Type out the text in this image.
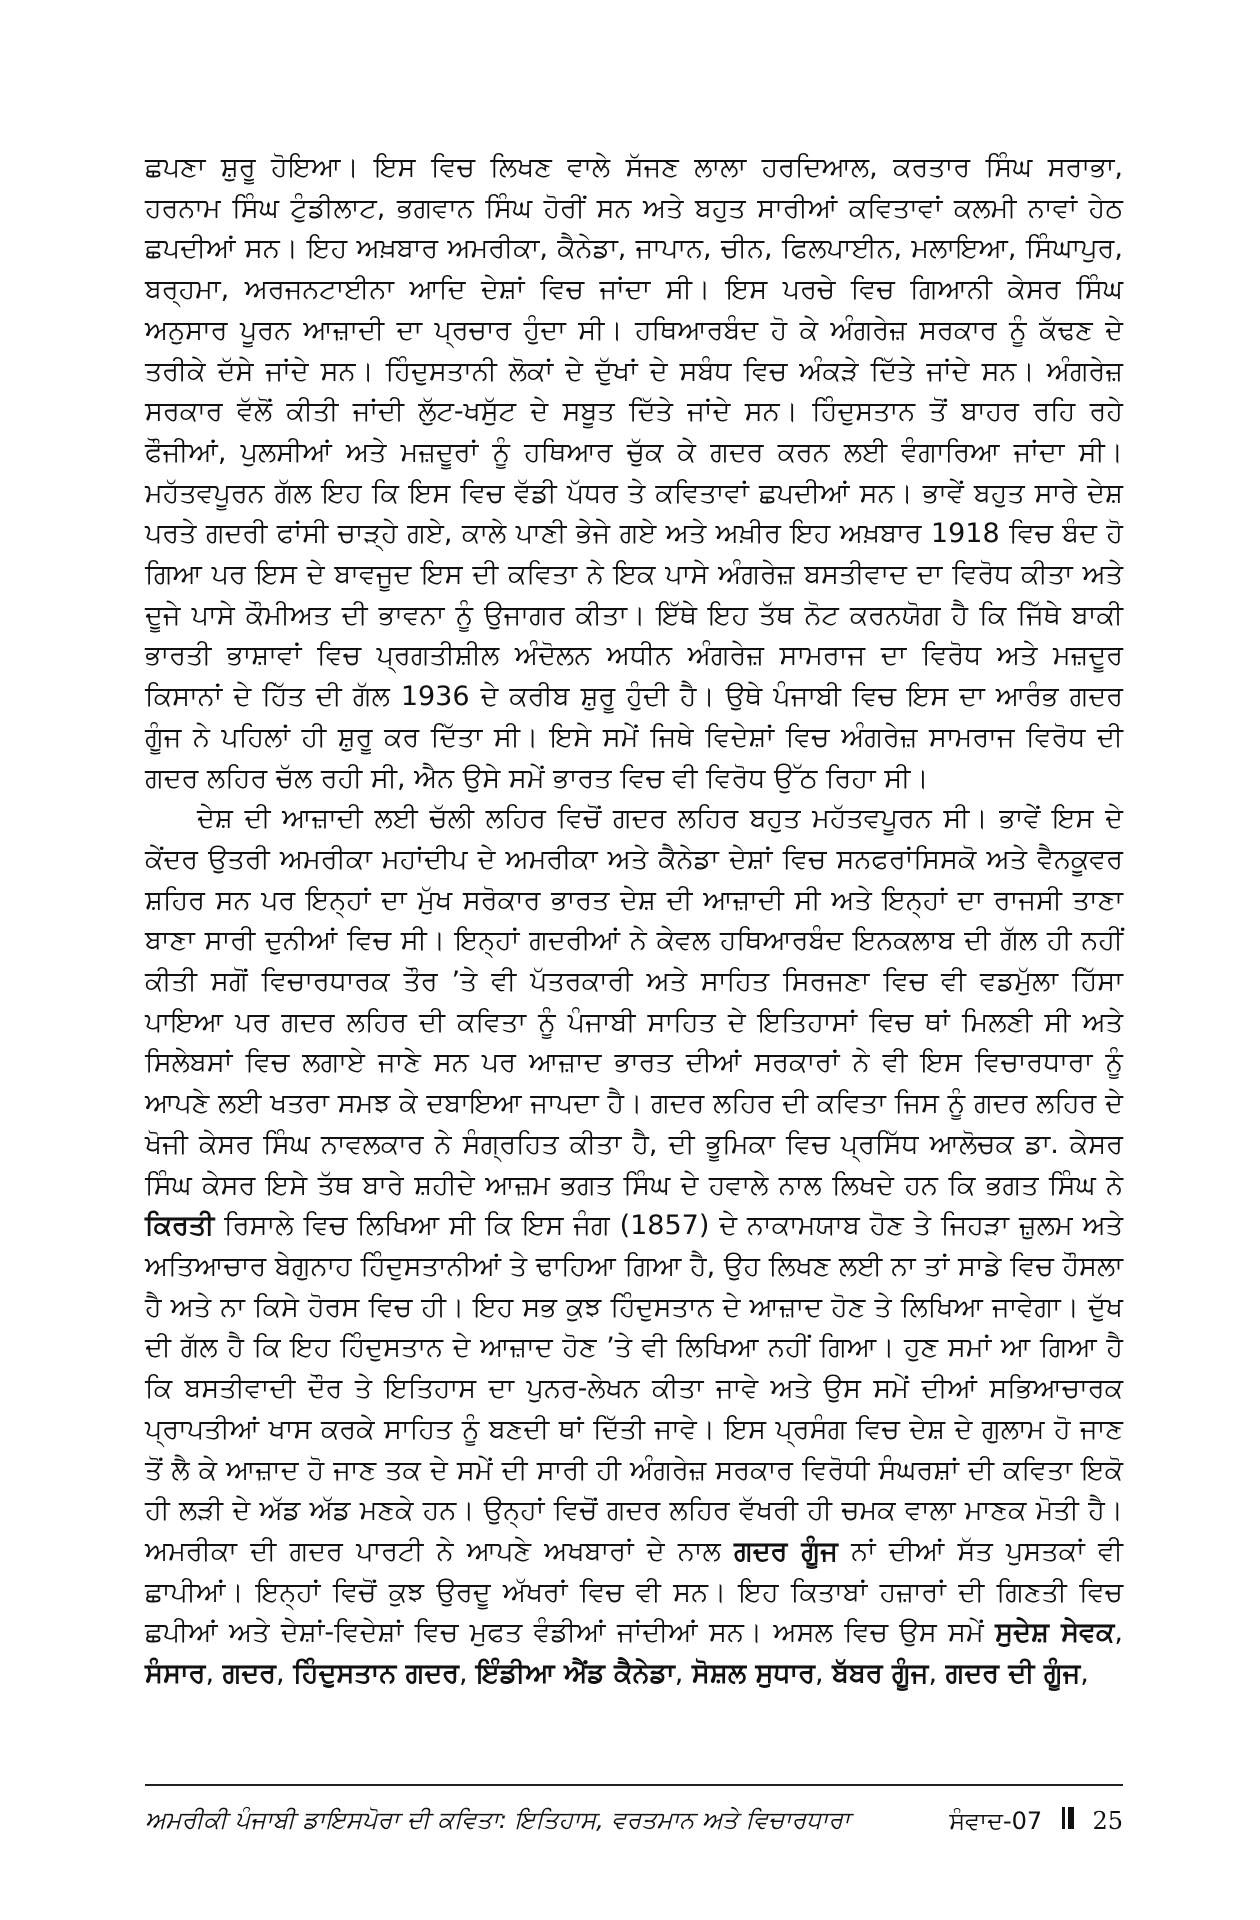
ਛਪਣਾ ਸ਼ੁਰੂ ਹੋਇਆ। ਇਸ ਵਿਚ ਲਿਖਣ ਵਾਲੇ ਸੱਜਣ ਲਾਲਾ ਹਰਦਿਆਲ, ਕਰਤਾਰ ਸਿੰਘ ਸਰਾਭਾ, ਹਰਨਾਮ ਸਿੰਘ ਟੁੰਡੀਲਾਟ, ਭਗਵਾਨ ਸਿੰਘ ਹੋਰੀਂ ਸਨ ਅਤੇ ਬਹੁਤ ਸਾਰੀਆਂ ਕਵਿਤਾਵਾਂ ਕਲਮੀ ਨਾਵਾਂ ਹੇਠ ਛਪਦੀਆਂ ਸਨ। ਇਹ ਅਖ਼ਬਾਰ ਅਮਰੀਕਾ, ਕੈਨੇਡਾ, ਜਾਪਾਨ, ਚੀਨ, ਫਿਲਪਾਈਨ, ਮਲਾਇਆ, ਸਿੰਘਾਪੁਰ, ਬਰ੍ਹਮਾ, ਅਰਜਨਟਾਈਨਾ ਆਦਿ ਦੇਸ਼ਾਂ ਵਿਚ ਜਾਂਦਾ ਸੀ। ਇਸ ਪਰਚੇ ਵਿਚ ਗਿਆਨੀ ਕੇਸਰ ਸਿੰਘ ਅਨੁਸਾਰ ਪੂਰਨ ਆਜ਼ਾਦੀ ਦਾ ਪ੍ਰਚਾਰ ਹੁੰਦਾ ਸੀ। ਹਥਿਆਰਬੰਦ ਹੋ ਕੇ ਅੰਗਰੇਜ਼ ਸਰਕਾਰ ਨੂੰ ਕੱਢਣ ਦੇ ਤਰੀਕੇ ਦੱਸੇ ਜਾਂਦੇ ਸਨ। ਹਿੰਦੁਸਤਾਨੀ ਲੋਕਾਂ ਦੇ ਦੁੱਖਾਂ ਦੇ ਸਬੰਧ ਵਿਚ ਅੰਕੜੇ ਦਿੱਤੇ ਜਾਂਦੇ ਸਨ। ਅੰਗਰੇਜ਼ ਸਰਕਾਰ ਵੱਲੋਂ ਕੀਤੀ ਜਾਂਦੀ ਲੁੱਟ-ਖਸੁੱਟ ਦੇ ਸਬੂਤ ਦਿੱਤੇ ਜਾਂਦੇ ਸਨ। ਹਿੰਦੁਸਤਾਨ ਤੋਂ ਬਾਹਰ ਰਹਿ ਰਹੇ ਫੌਜੀਆਂ, ਪੁਲਸੀਆਂ ਅਤੇ ਮਜ਼ਦੂਰਾਂ ਨੂੰ ਹਥਿਆਰ ਚੁੱਕ ਕੇ ਗਦਰ ਕਰਨ ਲਈ ਵੰਗਾਰਿਆ ਜਾਂਦਾ ਸੀ। ਮਹੱਤਵਪੂਰਨ ਗੱਲ ਇਹ ਕਿ ਇਸ ਵਿਚ ਵੱਡੀ ਪੱਧਰ ਤੇ ਕਵਿਤਾਵਾਂ ਛਪਦੀਆਂ ਸਨ। ਭਾਵੇਂ ਬਹੁਤ ਸਾਰੇ ਦੇਸ਼ ਪਰਤੇ ਗਦਰੀ ਫਾਂਸੀ ਚਾੜ੍ਹੇ ਗਏ, ਕਾਲੇ ਪਾਣੀ ਭੇਜੇ ਗਏ ਅਤੇ ਅਖ਼ੀਰ ਇਹ ਅਖ਼ਬਾਰ 1918 ਵਿਚ ਬੰਦ ਹੋ ਗਿਆ ਪਰ ਇਸ ਦੇ ਬਾਵਜੂਦ ਇਸ ਦੀ ਕਵਿਤਾ ਨੇ ਇਕ ਪਾਸੇ ਅੰਗਰੇਜ਼ ਬਸਤੀਵਾਦ ਦਾ ਵਿਰੋਧ ਕੀਤਾ ਅਤੇ ਦੂਜੇ ਪਾਸੇ ਕੌਮੀਅਤ ਦੀ ਭਾਵਨਾ ਨੂੰ ਉਜਾਗਰ ਕੀਤਾ। ਇੱਥੇ ਇਹ ਤੱਥ ਨੋਟ ਕਰਨਯੋਗ ਹੈ ਕਿ ਜਿੱਥੇ ਬਾਕੀ ਭਾਰਤੀ ਭਾਸ਼ਾਵਾਂ ਵਿਚ ਪ੍ਰਗਤੀਸ਼ੀਲ ਅੰਦੋਲਨ ਅਧੀਨ ਅੰਗਰੇਜ਼ ਸਾਮਰਾਜ ਦਾ ਵਿਰੋਧ ਅਤੇ ਮਜ਼ਦੂਰ ਕਿਸਾਨਾਂ ਦੇ ਹਿੱਤ ਦੀ ਗੱਲ 1936 ਦੇ ਕਰੀਬ ਸ਼ੁਰੂ ਹੁੰਦੀ ਹੈ। ਉਥੇ ਪੰਜਾਬੀ ਵਿਚ ਇਸ ਦਾ ਆਰੰਭ ਗਦਰ ਗੂੰਜ ਨੇ ਪਹਿਲਾਂ ਹੀ ਸ਼ੁਰੂ ਕਰ ਦਿੱਤਾ ਸੀ। ਇਸੇ ਸਮੇਂ ਜਿਥੇ ਵਿਦੇਸ਼ਾਂ ਵਿਚ ਅੰਗਰੇਜ਼ ਸਾਮਰਾਜ ਵਿਰੋਧ ਦੀ ਗਦਰ ਲਹਿਰ ਚੱਲ ਰਹੀ ਸੀ, ਐਨ ਉਸੇ ਸਮੇਂ ਭਾਰਤ ਵਿਚ ਵੀ ਵਿਰੋਧ ਉੱਠ ਰਿਹਾ ਸੀ।

ਦੇਸ਼ ਦੀ ਆਜ਼ਾਦੀ ਲਈ ਚੱਲੀ ਲਹਿਰ ਵਿਚੋਂ ਗਦਰ ਲਹਿਰ ਬਹੁਤ ਮਹੱਤਵਪੂਰਨ ਸੀ। ਭਾਵੇਂ ਇਸ ਦੇ ਕੇਂਦਰ ਉਤਰੀ ਅਮਰੀਕਾ ਮਹਾਂਦੀਪ ਦੇ ਅਮਰੀਕਾ ਅਤੇ ਕੈਨੇਡਾ ਦੇਸ਼ਾਂ ਵਿਚ ਸਨਫਰਾਂਸਿਸਕੋ ਅਤੇ ਵੈਨਕੂਵਰ ਸ਼ਹਿਰ ਸਨ ਪਰ ਇਨ੍ਹਾਂ ਦਾ ਮੁੱਖ ਸਰੋਕਾਰ ਭਾਰਤ ਦੇਸ਼ ਦੀ ਆਜ਼ਾਦੀ ਸੀ ਅਤੇ ਇਨ੍ਹਾਂ ਦਾ ਰਾਜਸੀ ਤਾਣਾ ਬਾਣਾ ਸਾਰੀ ਦੁਨੀਆਂ ਵਿਚ ਸੀ। ਇਨ੍ਹਾਂ ਗਦਰੀਆਂ ਨੇ ਕੇਵਲ ਹਥਿਆਰਬੰਦ ਇਨਕਲਾਬ ਦੀ ਗੱਲ ਹੀ ਨਹੀਂ ਕੀਤੀ ਸਗੋਂ ਵਿਚਾਰਧਾਰਕ ਤੌਰ ’ਤੇ ਵੀ ਪੱਤਰਕਾਰੀ ਅਤੇ ਸਾਹਿਤ ਸਿਰਜਣਾ ਵਿਚ ਵੀ ਵਡਮੁੱਲਾ ਹਿੱਸਾ ਪਾਇਆ ਪਰ ਗਦਰ ਲਹਿਰ ਦੀ ਕਵਿਤਾ ਨੂੰ ਪੰਜਾਬੀ ਸਾਹਿਤ ਦੇ ਇਤਿਹਾਸਾਂ ਵਿਚ ਥਾਂ ਮਿਲਣੀ ਸੀ ਅਤੇ ਸਿਲੇਬਸਾਂ ਵਿਚ ਲਗਾਏ ਜਾਣੇ ਸਨ ਪਰ ਆਜ਼ਾਦ ਭਾਰਤ ਦੀਆਂ ਸਰਕਾਰਾਂ ਨੇ ਵੀ ਇਸ ਵਿਚਾਰਧਾਰਾ ਨੂੰ ਆਪਣੇ ਲਈ ਖਤਰਾ ਸਮਝ ਕੇ ਦਬਾਇਆ ਜਾਪਦਾ ਹੈ। ਗਦਰ ਲਹਿਰ ਦੀ ਕਵਿਤਾ ਜਿਸ ਨੂੰ ਗਦਰ ਲਹਿਰ ਦੇ ਖੋਜੀ ਕੇਸਰ ਸਿੰਘ ਨਾਵਲਕਾਰ ਨੇ ਸੰਗ੍ਰਹਿਤ ਕੀਤਾ ਹੈ, ਦੀ ਭੂਮਿਕਾ ਵਿਚ ਪ੍ਰਸਿੱਧ ਆਲੋਚਕ ਡਾ. ਕੇਸਰ ਸਿੰਘ ਕੇਸਰ ਇਸੇ ਤੱਥ ਬਾਰੇ ਸ਼ਹੀਦੇ ਆਜ਼ਮ ਭਗਤ ਸਿੰਘ ਦੇ ਹਵਾਲੇ ਨਾਲ ਲਿਖਦੇ ਹਨ ਕਿ ਭਗਤ ਸਿੰਘ ਨੇ ਕਿਰਤੀ ਰਿਸਾਲੇ ਵਿਚ ਲਿਖਿਆ ਸੀ ਕਿ ਇਸ ਜੰਗ (1857) ਦੇ ਨਾਕਾਮਯਾਬ ਹੋਣ ਤੇ ਜਿਹੜਾ ਜ਼ੁਲਮ ਅਤੇ ਅਤਿਆਚਾਰ ਬੇਗੁਨਾਹ ਹਿੰਦੁਸਤਾਨੀਆਂ ਤੇ ਢਾਹਿਆ ਗਿਆ ਹੈ, ਉਹ ਲਿਖਣ ਲਈ ਨਾ ਤਾਂ ਸਾਡੇ ਵਿਚ ਹੌਸਲਾ ਹੈ ਅਤੇ ਨਾ ਕਿਸੇ ਹੋਰਸ ਵਿਚ ਹੀ। ਇਹ ਸਭ ਕੁਝ ਹਿੰਦੁਸਤਾਨ ਦੇ ਆਜ਼ਾਦ ਹੋਣ ਤੇ ਲਿਖਿਆ ਜਾਵੇਗਾ। ਦੁੱਖ ਦੀ ਗੱਲ ਹੈ ਕਿ ਇਹ ਹਿੰਦੁਸਤਾਨ ਦੇ ਆਜ਼ਾਦ ਹੋਣ ’ਤੇ ਵੀ ਲਿਖਿਆ ਨਹੀਂ ਗਿਆ। ਹੁਣ ਸਮਾਂ ਆ ਗਿਆ ਹੈ ਕਿ ਬਸਤੀਵਾਦੀ ਦੌਰ ਤੇ ਇਤਿਹਾਸ ਦਾ ਪੁਨਰ-ਲੇਖਨ ਕੀਤਾ ਜਾਵੇ ਅਤੇ ਉਸ ਸਮੇਂ ਦੀਆਂ ਸਭਿਆਚਾਰਕ ਪ੍ਰਾਪਤੀਆਂ ਖਾਸ ਕਰਕੇ ਸਾਹਿਤ ਨੂੰ ਬਣਦੀ ਥਾਂ ਦਿੱਤੀ ਜਾਵੇ। ਇਸ ਪ੍ਰਸੰਗ ਵਿਚ ਦੇਸ਼ ਦੇ ਗੁਲਾਮ ਹੋ ਜਾਣ ਤੋਂ ਲੈ ਕੇ ਆਜ਼ਾਦ ਹੋ ਜਾਣ ਤਕ ਦੇ ਸਮੇਂ ਦੀ ਸਾਰੀ ਹੀ ਅੰਗਰੇਜ਼ ਸਰਕਾਰ ਵਿਰੋਧੀ ਸੰਘਰਸ਼ਾਂ ਦੀ ਕਵਿਤਾ ਇਕੋ ਹੀ ਲੜੀ ਦੇ ਅੱਡ ਅੱਡ ਮਣਕੇ ਹਨ। ਉਨ੍ਹਾਂ ਵਿਚੋਂ ਗਦਰ ਲਹਿਰ ਵੱਖਰੀ ਹੀ ਚਮਕ ਵਾਲਾ ਮਾਣਕ ਮੋਤੀ ਹੈ। ਅਮਰੀਕਾ ਦੀ ਗਦਰ ਪਾਰਟੀ ਨੇ ਆਪਣੇ ਅਖਬਾਰਾਂ ਦੇ ਨਾਲ ਗਦਰ ਗੂੰਜ ਨਾਂ ਦੀਆਂ ਸੱਤ ਪੁਸਤਕਾਂ ਵੀ ਛਾਪੀਆਂ। ਇਨ੍ਹਾਂ ਵਿਚੋਂ ਕੁਝ ਉਰਦੂ ਅੱਖਰਾਂ ਵਿਚ ਵੀ ਸਨ। ਇਹ ਕਿਤਾਬਾਂ ਹਜ਼ਾਰਾਂ ਦੀ ਗਿਣਤੀ ਵਿਚ ਛਪੀਆਂ ਅਤੇ ਦੇਸ਼ਾਂ-ਵਿਦੇਸ਼ਾਂ ਵਿਚ ਮੁਫਤ ਵੰਡੀਆਂ ਜਾਂਦੀਆਂ ਸਨ। ਅਸਲ ਵਿਚ ਉਸ ਸਮੇਂ ਸੁਦੇਸ਼ ਸੇਵਕ, ਸੰਸਾਰ, ਗਦਰ, ਹਿੰਦੁਸਤਾਨ ਗਦਰ, ਇੰਡੀਆ ਐਂਡ ਕੈਨੇਡਾ, ਸੋਸ਼ਲ ਸੁਧਾਰ, ਬੱਬਰ ਗੂੰਜ, ਗਦਰ ਦੀ ਗੂੰਜ,

ਅਮਰੀਕੀ ਪੰਜਾਬੀ ਡਾਇਸਪੋਰਾ ਦੀ ਕਵਿਤਾ: ਇਤਿਹਾਸ, ਵਰਤਮਾਨ ਅਤੇ ਵਿਚਾਰਧਾਰਾ	ਸੰਵਾਦ-07 25
